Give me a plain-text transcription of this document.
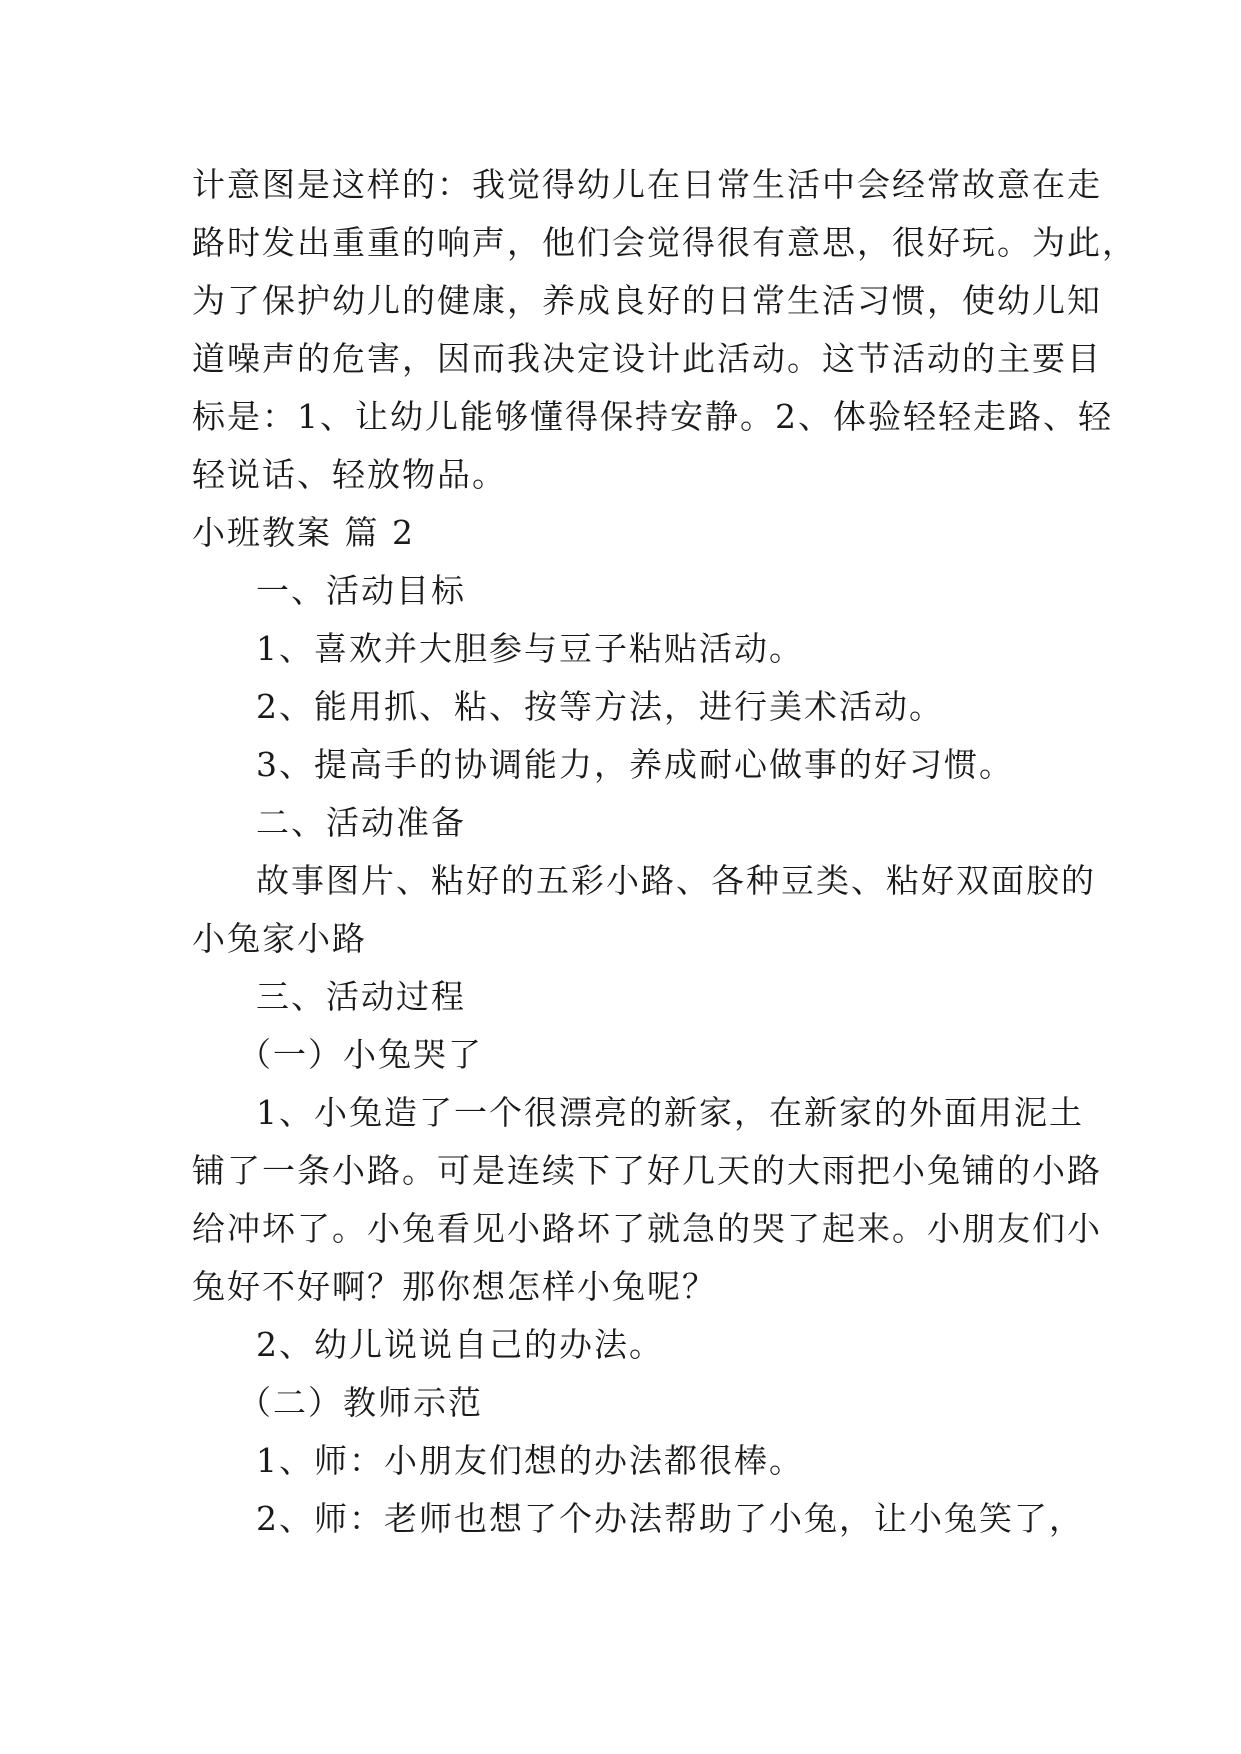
计意图是这样的：我觉得幼儿在日常生活中会经常故意在走
路时发出重重的响声，他们会觉得很有意思，很好玩。为此，
为了保护幼儿的健康，养成良好的日常生活习惯，使幼儿知
道噪声的危害，因而我决定设计此活动。这节活动的主要目
标是：1、让幼儿能够懂得保持安静。2、体验轻轻走路、轻
轻说话、轻放物品。
小班教案 篇 2
一、活动目标
1、喜欢并大胆参与豆子粘贴活动。
2、能用抓、粘、按等方法，进行美术活动。
3、提高手的协调能力，养成耐心做事的好习惯。
二、活动准备
故事图片、粘好的五彩小路、各种豆类、粘好双面胶的
小兔家小路
三、活动过程
（一）小兔哭了
1、小兔造了一个很漂亮的新家，在新家的外面用泥土
铺了一条小路。可是连续下了好几天的大雨把小兔铺的小路
给冲坏了。小兔看见小路坏了就急的哭了起来。小朋友们小
兔好不好啊？那你想怎样小兔呢？
2、幼儿说说自己的办法。
（二）教师示范
1、师：小朋友们想的办法都很棒。
2、师：老师也想了个办法帮助了小兔，让小兔笑了，
